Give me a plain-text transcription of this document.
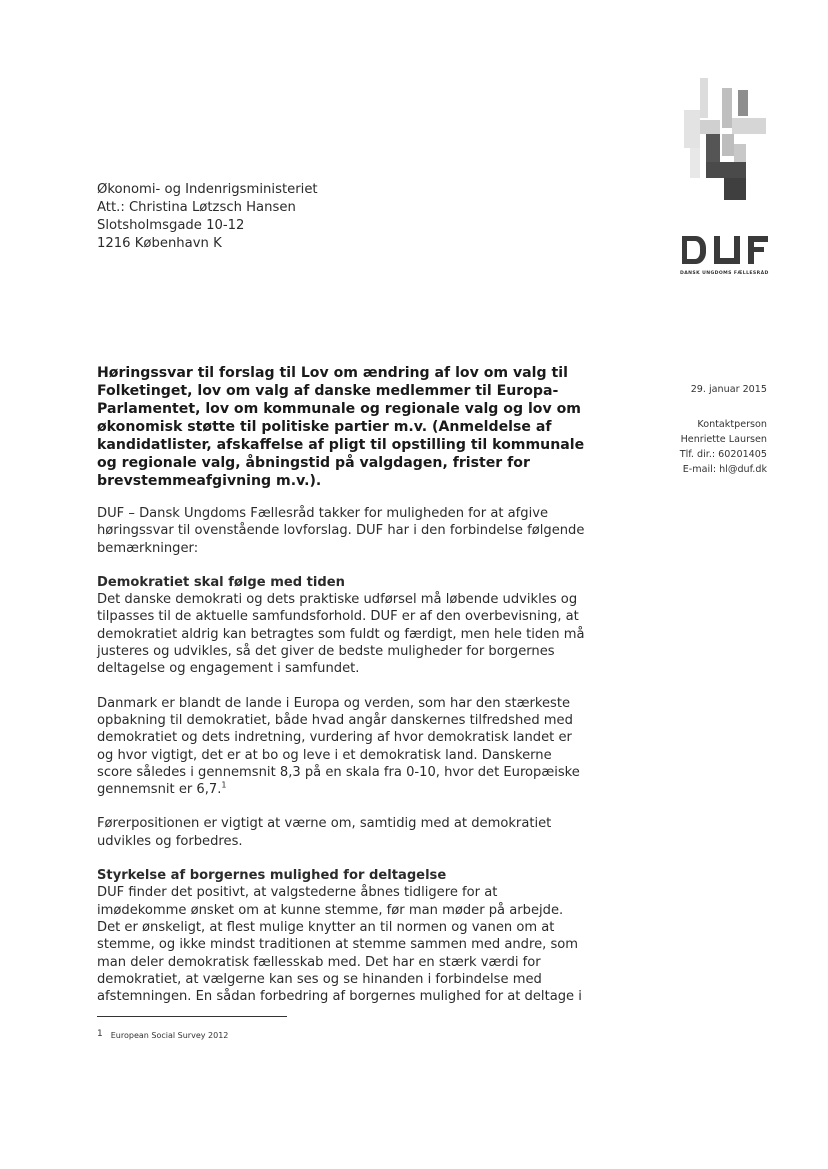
DANSK UNGDOMS FÆLLESRÅD
Økonomi- og Indenrigsministeriet
Att.: Christina Løtzsch Hansen
Slotsholmsgade 10-12
1216 København K
29. januar 2015
Kontaktperson
Henriette Laursen
Tlf. dir.: 60201405
E-mail: hl@duf.dk
Høringssvar til forslag til Lov om ændring af lov om valg til
Folketinget, lov om valg af danske medlemmer til Europa-
Parlamentet, lov om kommunale og regionale valg og lov om
økonomisk støtte til politiske partier m.v. (Anmeldelse af
kandidatlister, afskaffelse af pligt til opstilling til kommunale
og regionale valg, åbningstid på valgdagen, frister for
brevstemmeafgivning m.v.).
DUF – Dansk Ungdoms Fællesråd takker for muligheden for at afgive
høringssvar til ovenstående lovforslag. DUF har i den forbindelse følgende
bemærkninger:
Demokratiet skal følge med tiden
Det danske demokrati og dets praktiske udførsel må løbende udvikles og
tilpasses til de aktuelle samfundsforhold. DUF er af den overbevisning, at
demokratiet aldrig kan betragtes som fuldt og færdigt, men hele tiden må
justeres og udvikles, så det giver de bedste muligheder for borgernes
deltagelse og engagement i samfundet.
Danmark er blandt de lande i Europa og verden, som har den stærkeste
opbakning til demokratiet, både hvad angår danskernes tilfredshed med
demokratiet og dets indretning, vurdering af hvor demokratisk landet er
og hvor vigtigt, det er at bo og leve i et demokratisk land. Danskerne
score således i gennemsnit 8,3 på en skala fra 0-10, hvor det Europæiske
gennemsnit er 6,7.$^1$
Førerpositionen er vigtigt at værne om, samtidig med at demokratiet
udvikles og forbedres.
Styrkelse af borgernes mulighed for deltagelse
DUF finder det positivt, at valgstederne åbnes tidligere for at
imødekomme ønsket om at kunne stemme, før man møder på arbejde.
Det er ønskeligt, at flest mulige knytter an til normen og vanen om at
stemme, og ikke mindst traditionen at stemme sammen med andre, som
man deler demokratisk fællesskab med. Det har en stærk værdi for
demokratiet, at vælgerne kan ses og se hinanden i forbindelse med
afstemningen. En sådan forbedring af borgernes mulighed for at deltage i
1 European Social Survey 2012
